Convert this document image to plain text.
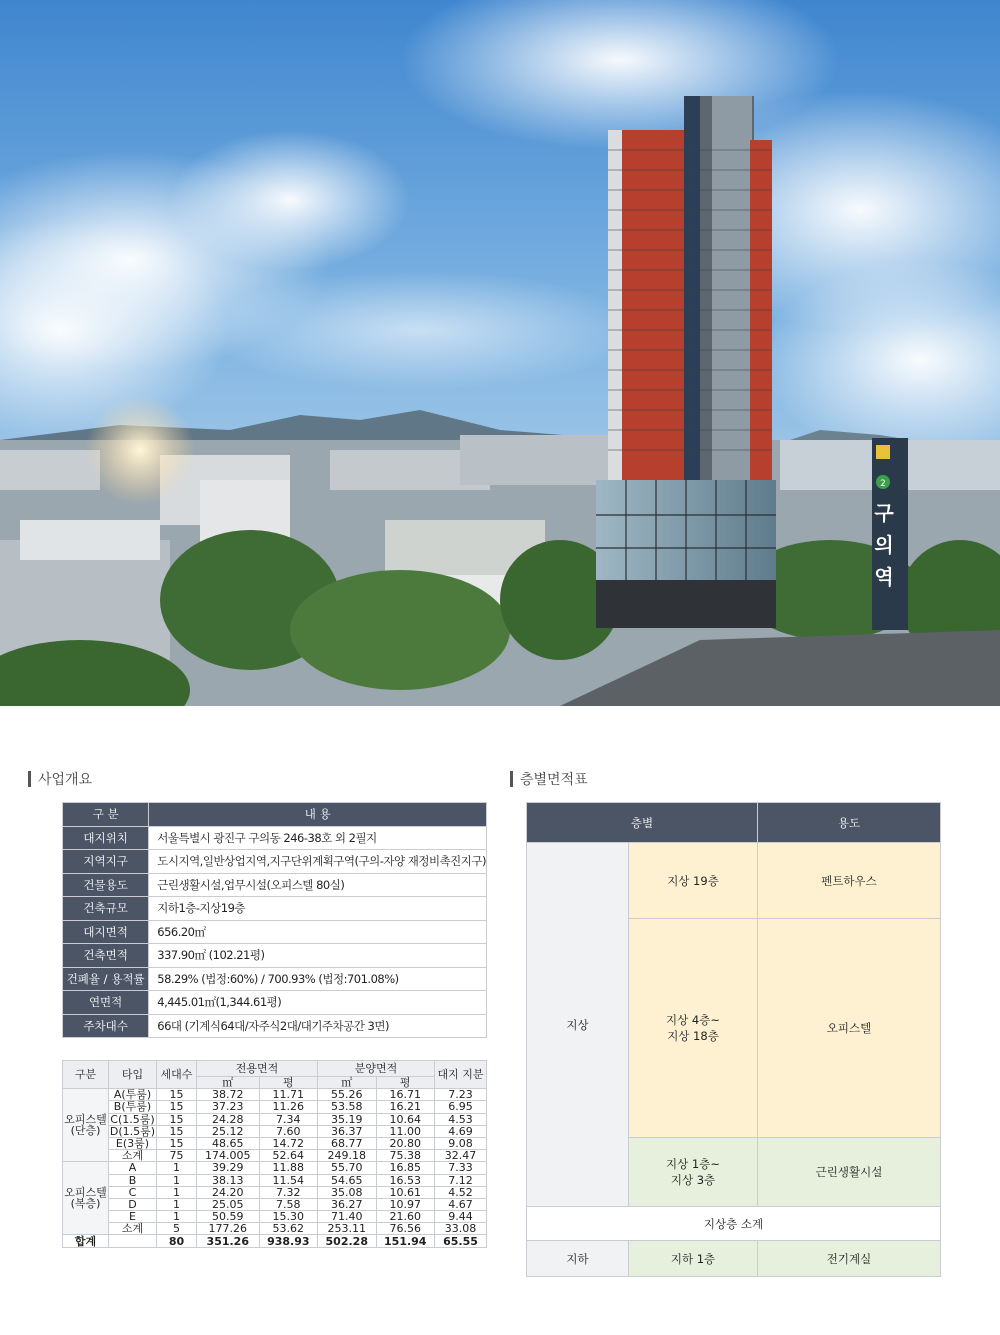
2
구
의
역
사업개요
구 분	내 용
대지위치	서울특별시 광진구 구의동 246-38호 외 2필지
지역지구	도시지역,일반상업지역,지구단위계획구역(구의-자양 재정비촉진지구)
건물용도	근린생활시설,업무시설(오피스텔 80실)
건축규모	지하1층-지상19층
대지면적	656.20㎡
건축면적	337.90㎡ (102.21평)
건폐율 / 용적률	58.29% (법정:60%) / 700.93% (법정:701.08%)
연면적	4,445.01㎡(1,344.61평)
주차대수	66대 (기계식64대/자주식2대/대기주차공간 3면)
구분	타입	세대수	전용면적		분양면적		대지 지분
			㎡	평	㎡	평	

오피스텔
(단층)	A(투룸)	15	38.72	11.71	55.26	16.71	7.23
	B(투룸)	15	37.23	11.26	53.58	16.21	6.95
	C(1.5룸)	15	24.28	7.34	35.19	10.64	4.53
	D(1.5룸)	15	25.12	7.60	36.37	11.00	4.69
	E(3룸)	15	48.65	14.72	68.77	20.80	9.08
	소계	75	174.005	52.64	249.18	75.38	32.47

오피스텔
(복층)	A	1	39.29	11.88	55.70	16.85	7.33
	B	1	38.13	11.54	54.65	16.53	7.12
	C	1	24.20	7.32	35.08	10.61	4.52
	D	1	25.05	7.58	36.27	10.97	4.67
	E	1	50.59	15.30	71.40	21.60	9.44
	소계	5	177.26	53.62	253.11	76.56	33.08
합계		80	351.26	938.93	502.28	151.94	65.55
층별면적표
층별		용도
지상	지상 19층	펜트하우스

	지상 4층~
지상 18층	오피스텔

	지상 1층~
지상 3층	근린생활시설
지상층 소계		
지하	지하 1층	전기계실
